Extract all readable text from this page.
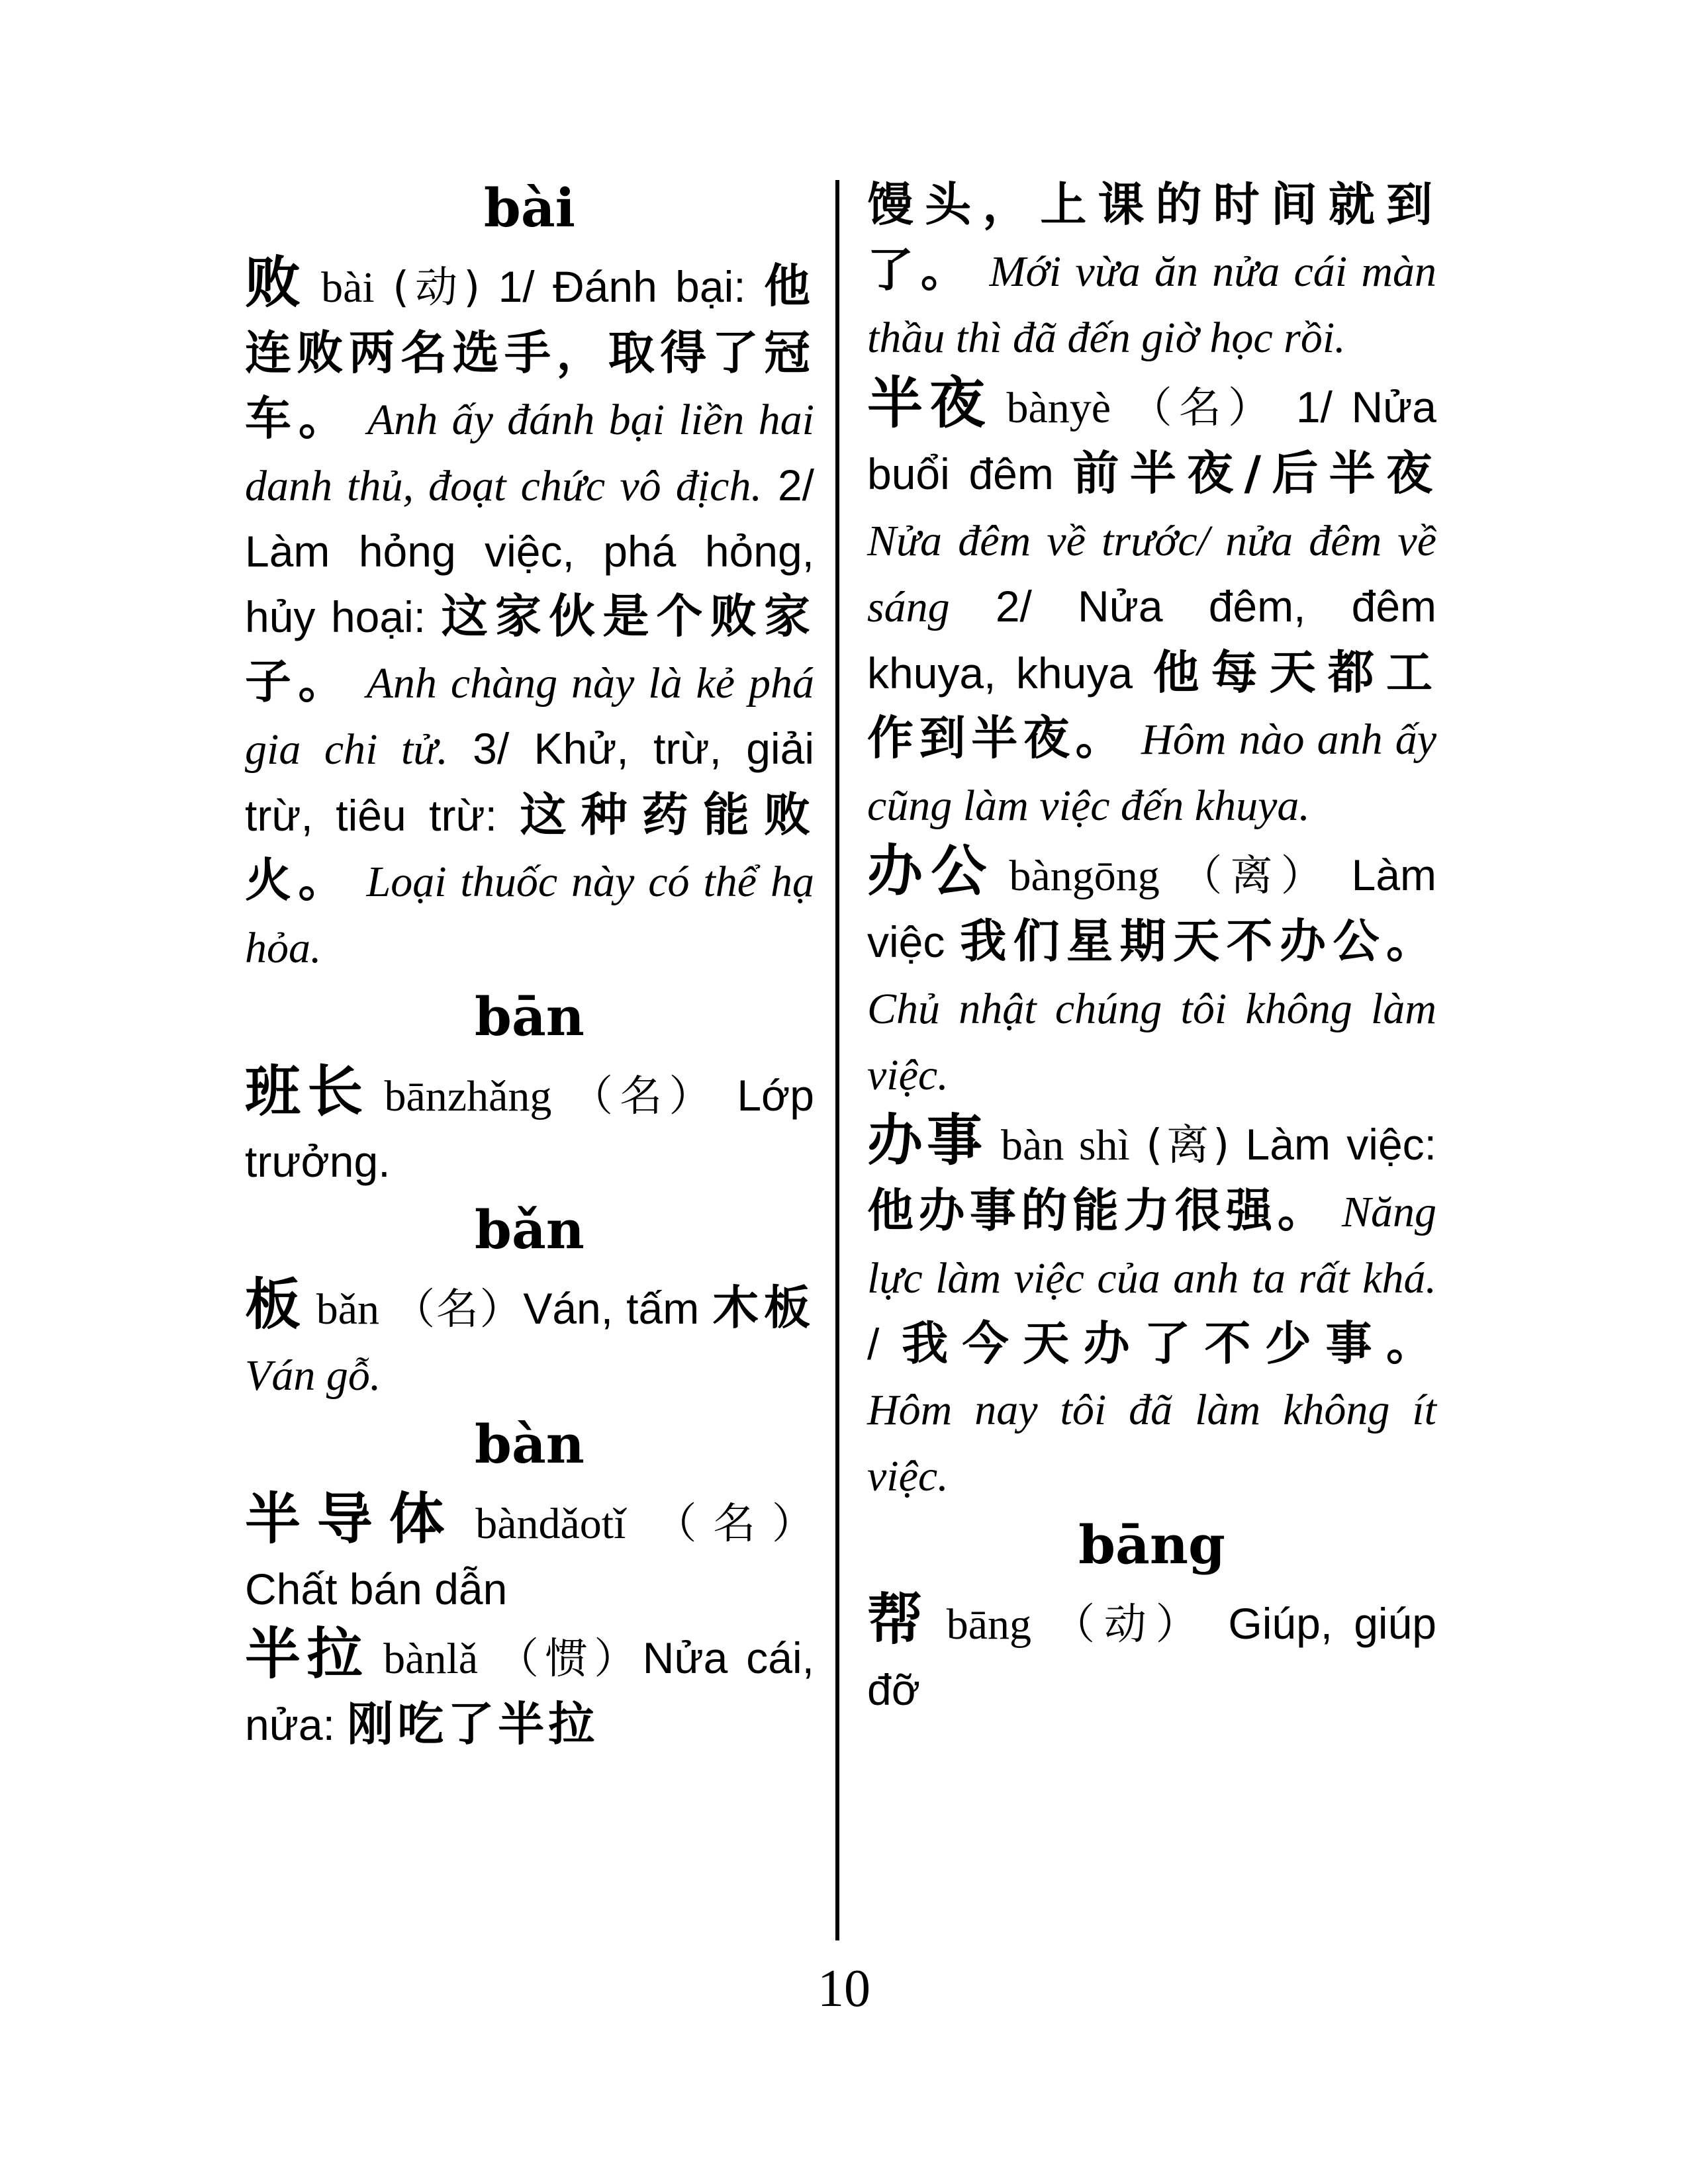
bài

败 bài (动) 1/ Đánh bại: 他连败两名选手，取得了冠车。 Anh ấy đánh bại liền hai danh thủ, đoạt chức vô địch. 2/ Làm hỏng việc, phá hỏng, hủy hoại: 这家伙是个败家子。 Anh chàng này là kẻ phá gia chi tử. 3/ Khử, trừ, giải trừ, tiêu trừ: 这种药能败火。 Loại thuốc này có thể hạ hỏa.

bān

班长 bānzhǎng （名） Lớp trưởng.

bǎn

板 bǎn （名）Ván, tấm 木板 Ván gỗ.

bàn

半导体 bàndǎotǐ （名） Chất bán dẫn

半拉 bànlǎ （惯）Nửa cái, nửa: 刚吃了半拉

馒头，上课的时间就到了。 Mới vừa ăn nửa cái màn thầu thì đã đến giờ học rồi.

半夜 bànyè （名） 1/ Nửa buổi đêm 前半夜/后半夜 Nửa đêm về trước/ nửa đêm về sáng 2/ Nửa đêm, đêm khuya, khuya 他每天都工作到半夜。 Hôm nào anh ấy cũng làm việc đến khuya.

办公 bàngōng （离） Làm việc 我们星期天不办公。 Chủ nhật chúng tôi không làm việc.

办事 bàn shì (离) Làm việc: 他办事的能力很强。 Năng lực làm việc của anh ta rất khá. / 我今天办了不少事。 Hôm nay tôi đã làm không ít việc.

bāng

帮 bāng （动） Giúp, giúp đỡ

10
